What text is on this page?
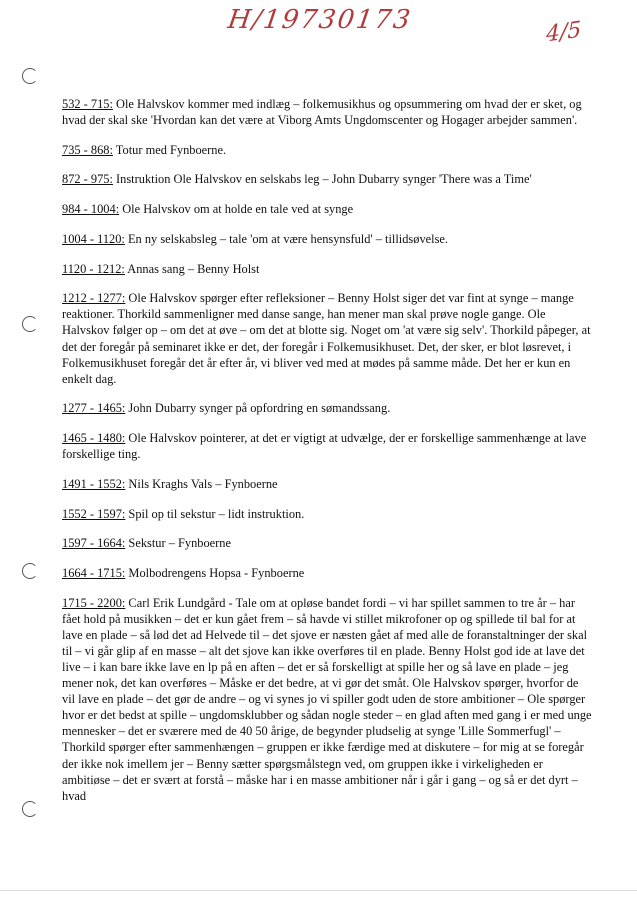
H/19730173	4/5

532 - 715: Ole Halvskov kommer med indlæg – folkemusikhus og opsummering om hvad der er sket, og hvad der skal ske 'Hvordan kan det være at Viborg Amts Ungdomscenter og Hogager arbejder sammen'.

735 - 868: Totur med Fynboerne.

872 - 975: Instruktion Ole Halvskov en selskabs leg – John Dubarry synger 'There was a Time'

984 - 1004: Ole Halvskov om at holde en tale ved at synge

1004 - 1120: En ny selskabsleg – tale 'om at være hensynsfuld' – tillidsøvelse.

1120 - 1212: Annas sang – Benny Holst

1212 - 1277: Ole Halvskov spørger efter refleksioner – Benny Holst siger det var fint at synge – mange reaktioner. Thorkild sammenligner med danse sange, han mener man skal prøve nogle gange. Ole Halvskov følger op – om det at øve – om det at blotte sig. Noget om 'at være sig selv'. Thorkild påpeger, at det der foregår på seminaret ikke er det, der foregår i Folkemusikhuset. Det, der sker, er blot løsrevet, i Folkemusikhuset foregår det år efter år, vi bliver ved med at mødes på samme måde. Det her er kun en enkelt dag.

1277 - 1465: John Dubarry synger på opfordring en sømandssang.

1465 - 1480: Ole Halvskov pointerer, at det er vigtigt at udvælge, der er forskellige sammenhænge at lave forskellige ting.

1491 - 1552: Nils Kraghs Vals – Fynboerne

1552 - 1597: Spil op til sekstur – lidt instruktion.

1597 - 1664: Sekstur – Fynboerne

1664 - 1715: Molbodrengens Hopsa - Fynboerne

1715 - 2200: Carl Erik Lundgård - Tale om at opløse bandet fordi – vi har spillet sammen to tre år – har fået hold på musikken – det er kun gået frem – så havde vi stillet mikrofoner op og spillede til bal for at lave en plade – så lød det ad Helvede til – det sjove er næsten gået af med alle de foranstaltninger der skal til – vi går glip af en masse – alt det sjove kan ikke overføres til en plade. Benny Holst god ide at lave det live – i kan bare ikke lave en lp på en aften – det er så forskelligt at spille her og så lave en plade – jeg mener nok, det kan overføres – Måske er det bedre, at vi gør det småt. Ole Halvskov spørger, hvorfor de vil lave en plade – det gør de andre – og vi synes jo vi spiller godt uden de store ambitioner – Ole spørger hvor er det bedst at spille – ungdomsklubber og sådan nogle steder – en glad aften med gang i er med unge mennesker – det er sværere med de 40 50 årige, de begynder pludselig at synge 'Lille Sommerfugl' – Thorkild spørger efter sammenhængen – gruppen er ikke færdige med at diskutere – for mig at se foregår der ikke nok imellem jer – Benny sætter spørgsmålstegn ved, om gruppen ikke i virkeligheden er ambitiøse – det er svært at forstå – måske har i en masse ambitioner når i går i gang – og så er det dyrt – hvad
